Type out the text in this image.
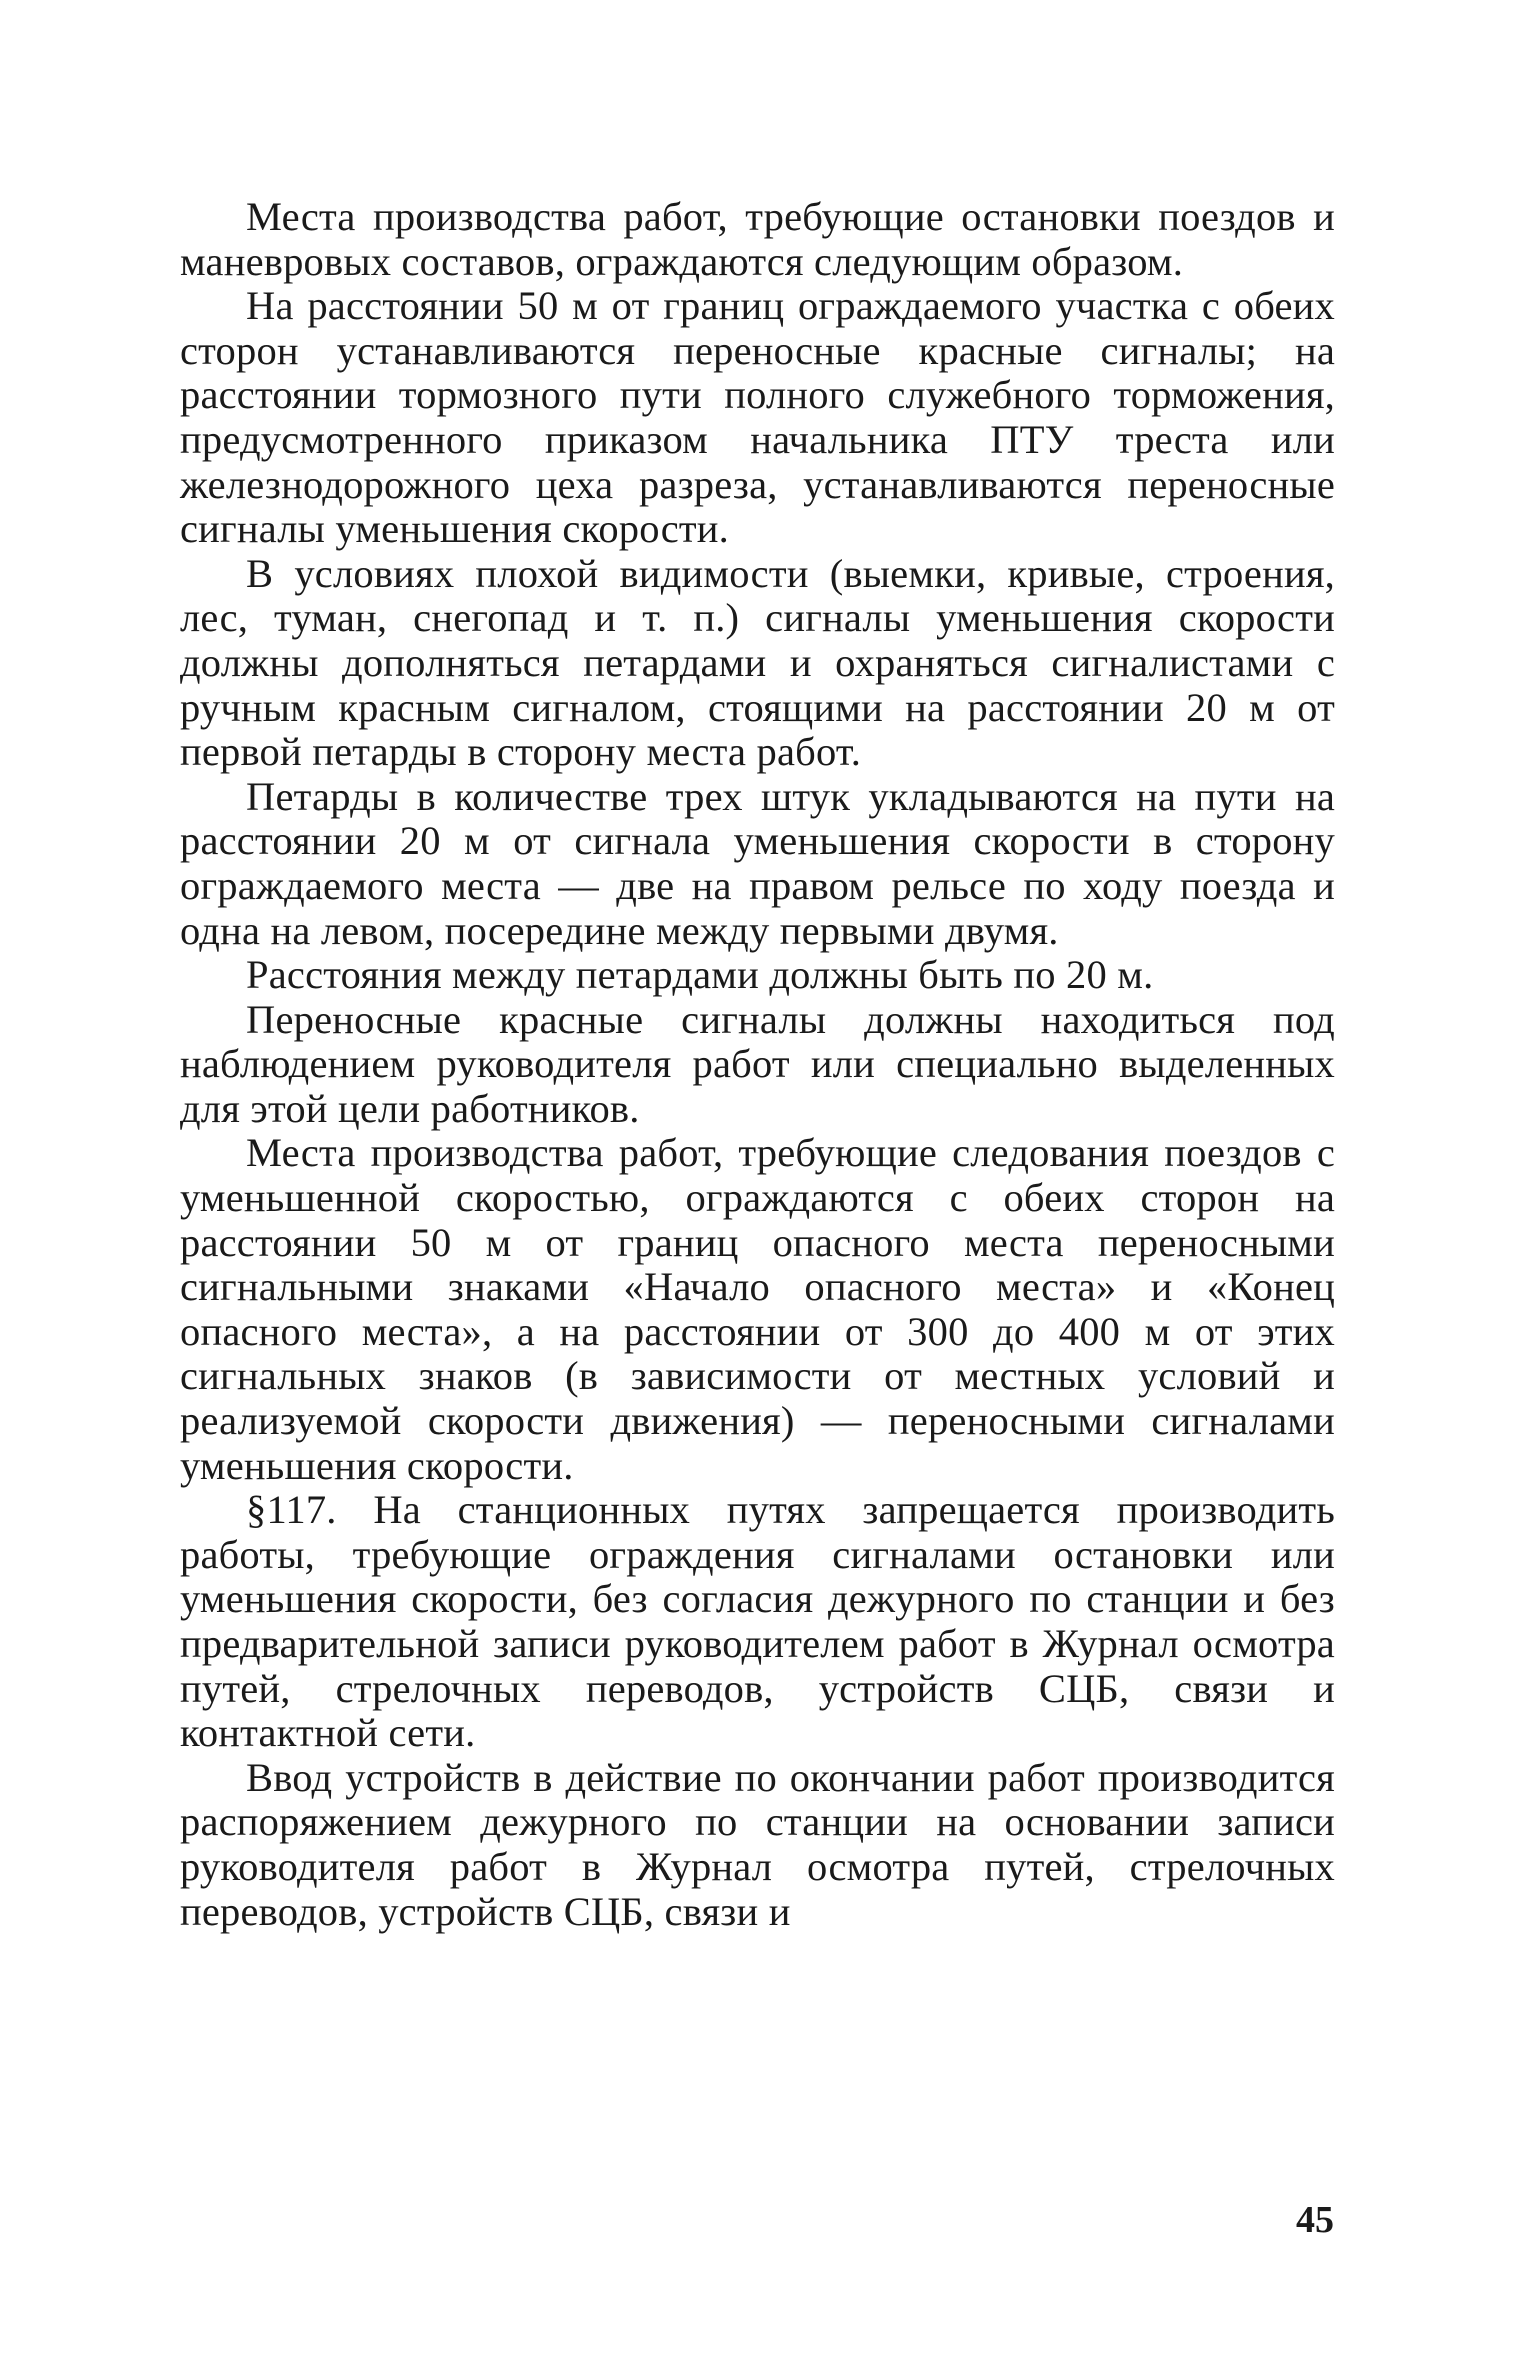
Места производства работ, требующие остановки поездов и маневровых составов, ограждаются следующим образом.

На расстоянии 50 м от границ ограждаемого участка с обеих сторон устанавливаются переносные красные сигналы; на расстоянии тормозного пути полного служебного торможения, предусмотренного приказом начальника ПТУ треста или железнодорожного цеха разреза, устанавливаются переносные сигналы уменьшения скорости.

В условиях плохой видимости (выемки, кривые, строения, лес, туман, снегопад и т. п.) сигналы уменьшения скорости должны дополняться петардами и охраняться сигналистами с ручным красным сигналом, стоящими на расстоянии 20 м от первой петарды в сторону места работ.

Петарды в количестве трех штук укладываются на пути на расстоянии 20 м от сигнала уменьшения скорости в сторону ограждаемого места — две на правом рельсе по ходу поезда и одна на левом, посередине между первыми двумя.

Расстояния между петардами должны быть по 20 м.

Переносные красные сигналы должны находиться под наблюдением руководителя работ или специально выделенных для этой цели работников.

Места производства работ, требующие следования поездов с уменьшенной скоростью, ограждаются с обеих сторон на расстоянии 50 м от границ опасного места переносными сигнальными знаками «Начало опасного места» и «Конец опасного места», а на расстоянии от 300 до 400 м от этих сигнальных знаков (в зависимости от местных условий и реализуемой скорости движения) — переносными сигналами уменьшения скорости.

§117. На станционных путях запрещается производить работы, требующие ограждения сигналами остановки или уменьшения скорости, без согласия дежурного по станции и без предварительной записи руководителем работ в Журнал осмотра путей, стрелочных переводов, устройств СЦБ, связи и контактной сети.

Ввод устройств в действие по окончании работ производится распоряжением дежурного по станции на основании записи руководителя работ в Журнал осмотра путей, стрелочных переводов, устройств СЦБ, связи и

45
